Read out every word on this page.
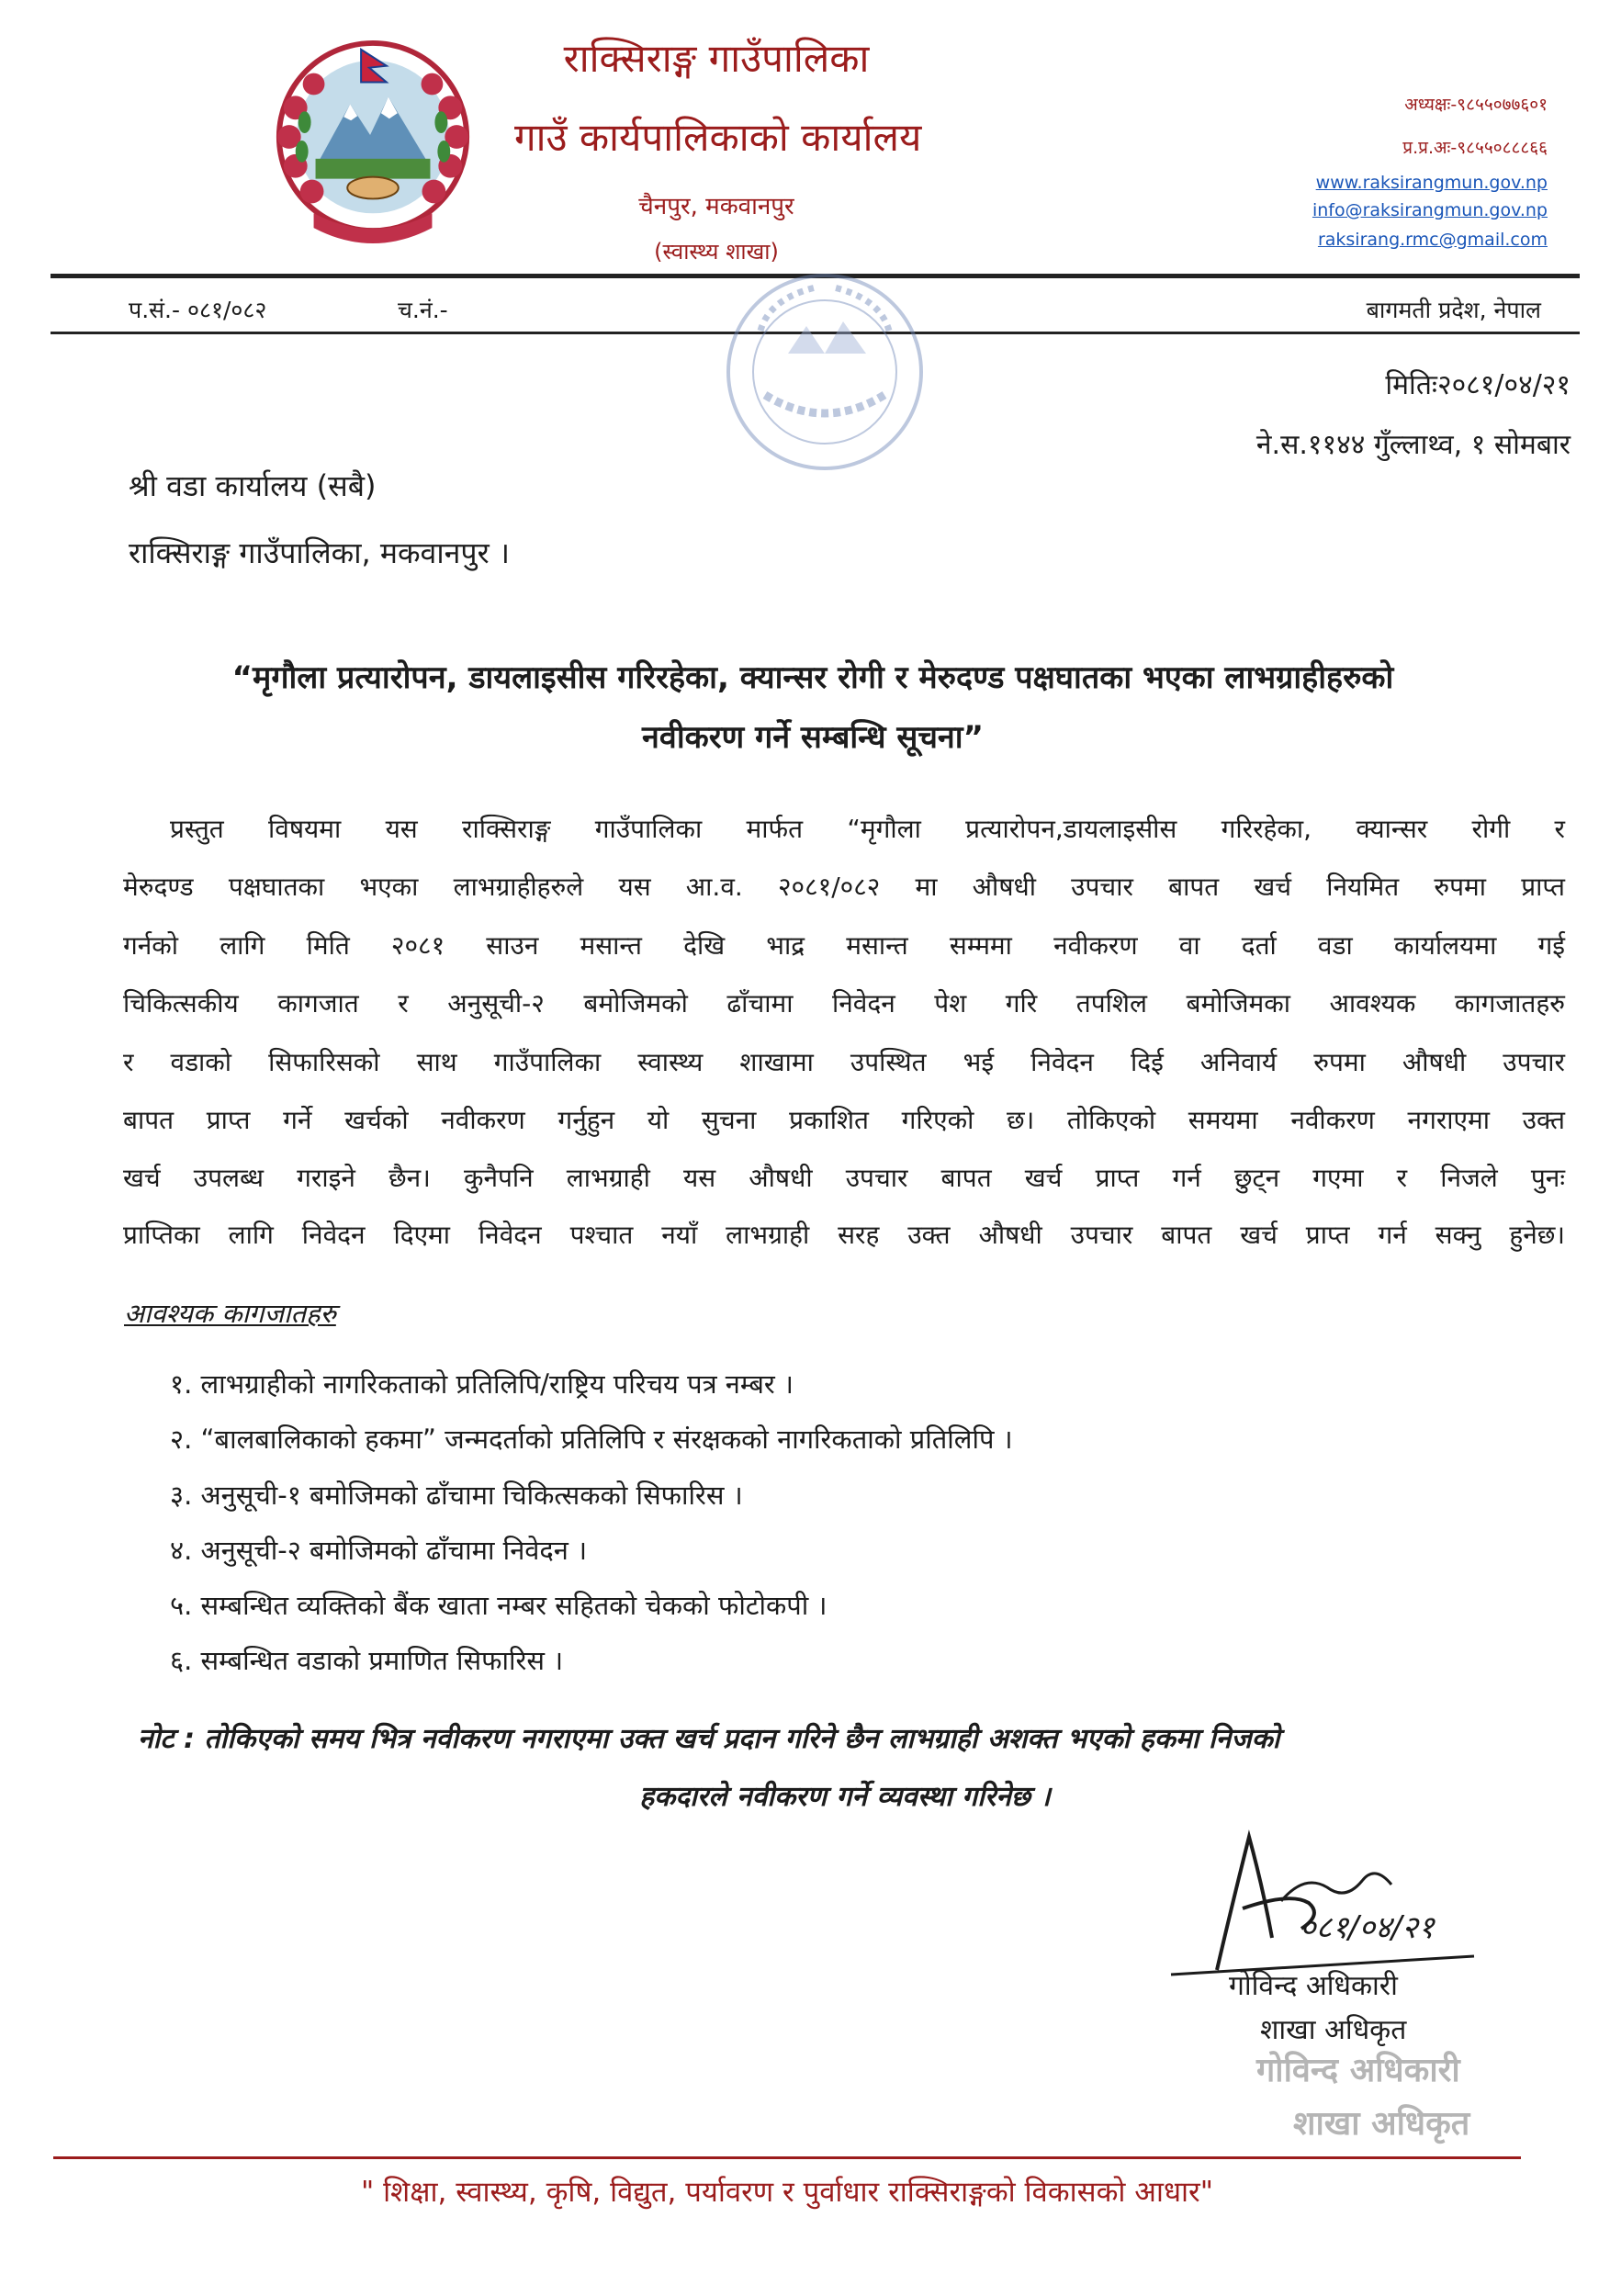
राक्सिराङ्ग गाउँपालिका
गाउँ कार्यपालिकाको कार्यालय
चैनपुर, मकवानपुर
(स्वास्थ्य शाखा)
अध्यक्षः-९८५५०७७६०१
प्र.प्र.अः-९८५५०८८८६६
www.raksirangmun.gov.np
info@raksirangmun.gov.np
raksirang.rmc@gmail.com
प.सं.- ०८१/०८२	च.नं.-	बागमती प्रदेश, नेपाल
मितिः२०८१/०४/२१
ने.स.११४४ गुँल्लाथ्व, १ सोमबार
श्री वडा कार्यालय (सबै)
राक्सिराङ्ग गाउँपालिका, मकवानपुर ।
“मृगौला प्रत्यारोपन, डायलाइसीस गरिरहेका, क्यान्सर रोगी र मेरुदण्ड पक्षघातका भएका लाभग्राहीहरुको
नवीकरण गर्ने सम्बन्धि सूचना”
प्रस्तुत विषयमा यस राक्सिराङ्ग गाउँपालिका मार्फत “मृगौला प्रत्यारोपन,डायलाइसीस गरिरहेका, क्यान्सर रोगी र
मेरुदण्ड पक्षघातका भएका लाभग्राहीहरुले यस आ.व. २०८१/०८२ मा औषधी उपचार बापत खर्च नियमित रुपमा प्राप्त
गर्नको लागि मिति २०८१ साउन मसान्त देखि भाद्र मसान्त सम्ममा नवीकरण वा दर्ता वडा कार्यालयमा गई
चिकित्सकीय कागजात र अनुसूची-२ बमोजिमको ढाँचामा निवेदन पेश गरि तपशिल बमोजिमका आवश्यक कागजातहरु
र वडाको सिफारिसको साथ गाउँपालिका स्वास्थ्य शाखामा उपस्थित भई निवेदन दिई अनिवार्य रुपमा औषधी उपचार
बापत प्राप्त गर्ने खर्चको नवीकरण गर्नुहुन यो सुचना प्रकाशित गरिएको छ। तोकिएको समयमा नवीकरण नगराएमा उक्त
खर्च उपलब्ध गराइने छैन। कुनैपनि लाभग्राही यस औषधी उपचार बापत खर्च प्राप्त गर्न छुट्न गएमा र निजले पुनः
प्राप्तिका लागि निवेदन दिएमा निवेदन पश्चात नयाँ लाभग्राही सरह उक्त औषधी उपचार बापत खर्च प्राप्त गर्न सक्नु हुनेछ।
आवश्यक कागजातहरु
१. लाभग्राहीको नागरिकताको प्रतिलिपि/राष्ट्रिय परिचय पत्र नम्बर ।
२. “बालबालिकाको हकमा” जन्मदर्ताको प्रतिलिपि र संरक्षकको नागरिकताको प्रतिलिपि ।
३. अनुसूची-१ बमोजिमको ढाँचामा चिकित्सकको सिफारिस ।
४. अनुसूची-२ बमोजिमको ढाँचामा निवेदन ।
५. सम्बन्धित व्यक्तिको बैंक खाता नम्बर सहितको चेकको फोटोकपी ।
६. सम्बन्धित वडाको प्रमाणित सिफारिस ।
नोट : तोकिएको समय भित्र नवीकरण नगराएमा उक्त खर्च प्रदान गरिने छैन लाभग्राही अशक्त भएको हकमा निजको
हकदारले नवीकरण गर्ने व्यवस्था गरिनेछ ।
०८१/०४/२१
गोविन्द अधिकारी
शाखा अधिकृत
गोविन्द अधिकारी
शाखा अधिकृत
" शिक्षा, स्वास्थ्य, कृषि, विद्युत, पर्यावरण र पुर्वाधार राक्सिराङ्गको विकासको आधार"
